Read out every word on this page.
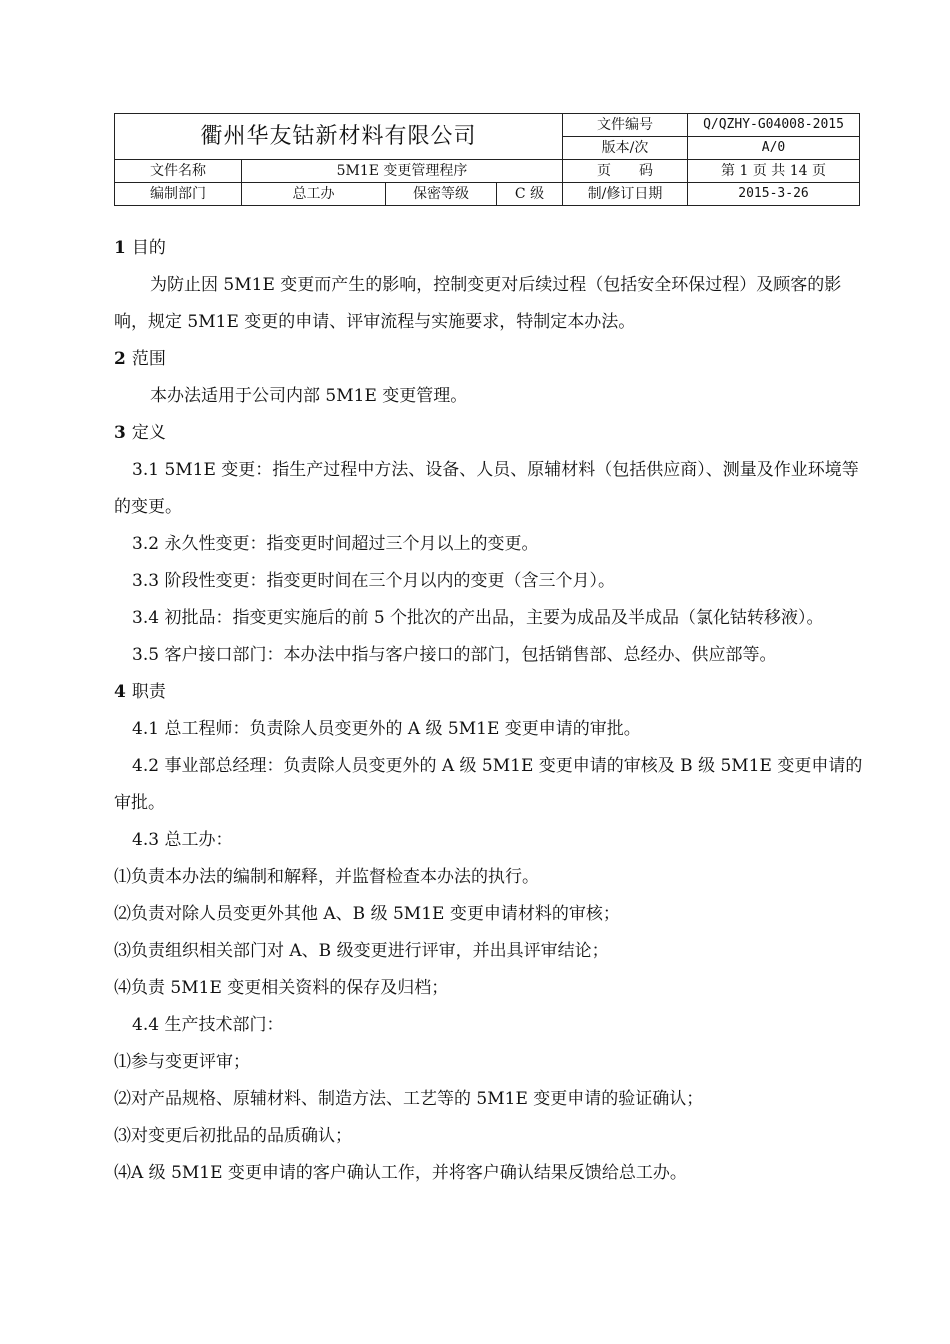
衢州华友钴新材料有限公司				文件编号	Q/QZHY-G04008-2015
				版本/次	A/0
文件名称	5M1E 变更管理程序			页　　码	第 1 页 共 14 页
编制部门	总工办	保密等级	C 级	制/修订日期	2015-3-26

1 目的

为防止因 5M1E 变更而产生的影响，控制变更对后续过程（包括安全环保过程）及顾客的影响，规定 5M1E 变更的申请、评审流程与实施要求，特制定本办法。

2 范围

本办法适用于公司内部 5M1E 变更管理。

3 定义

3.1 5M1E 变更：指生产过程中方法、设备、人员、原辅材料（包括供应商）、测量及作业环境等的变更。

3.2 永久性变更：指变更时间超过三个月以上的变更。

3.3 阶段性变更：指变更时间在三个月以内的变更（含三个月）。

3.4 初批品：指变更实施后的前 5 个批次的产出品，主要为成品及半成品（氯化钴转移液）。

3.5 客户接口部门：本办法中指与客户接口的部门，包括销售部、总经办、供应部等。

4 职责

4.1 总工程师：负责除人员变更外的 A 级 5M1E 变更申请的审批。

4.2 事业部总经理：负责除人员变更外的 A 级 5M1E 变更申请的审核及 B 级 5M1E 变更申请的审批。

4.3 总工办：

⑴负责本办法的编制和解释，并监督检查本办法的执行。

⑵负责对除人员变更外其他 A、B 级 5M1E 变更申请材料的审核；

⑶负责组织相关部门对 A、B 级变更进行评审，并出具评审结论；

⑷负责 5M1E 变更相关资料的保存及归档；

4.4 生产技术部门：

⑴参与变更评审；

⑵对产品规格、原辅材料、制造方法、工艺等的 5M1E 变更申请的验证确认；

⑶对变更后初批品的品质确认；

⑷A 级 5M1E 变更申请的客户确认工作，并将客户确认结果反馈给总工办。
